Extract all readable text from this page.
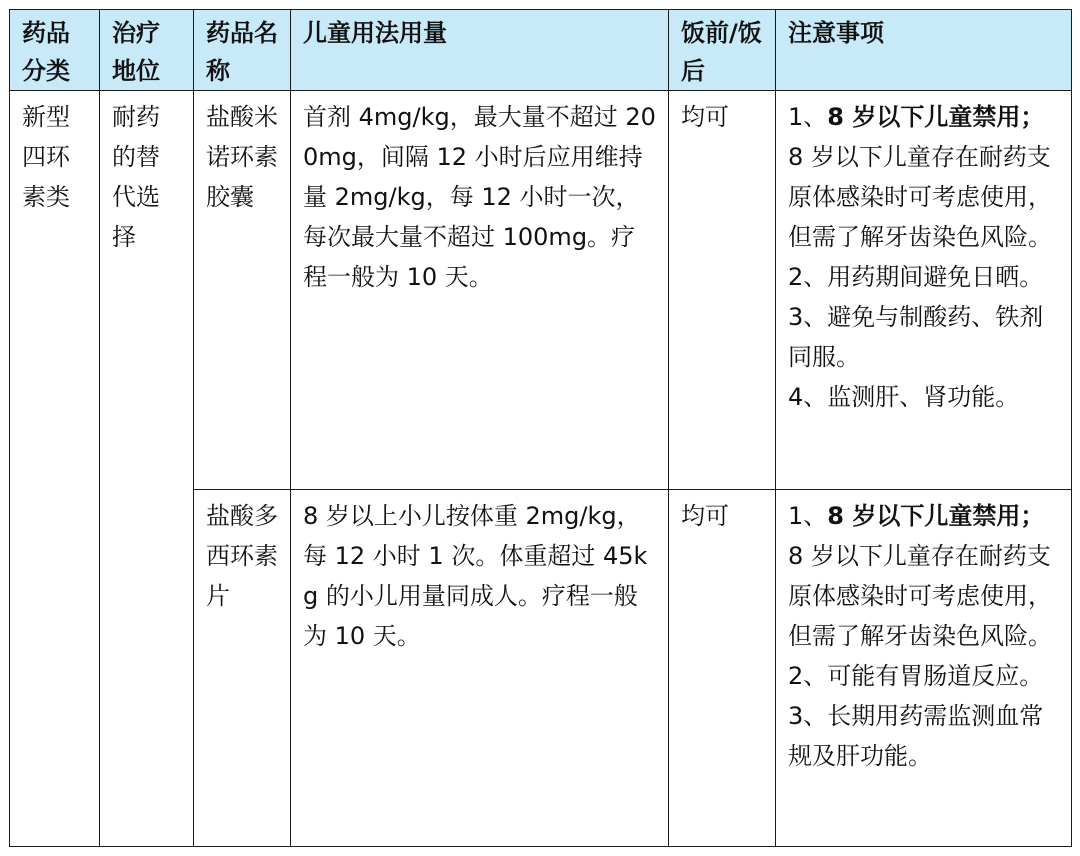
药品分类	治疗地位	药品名称	儿童用法用量	饭前/饭后	注意事项
新型四环素类	耐药的替代选择	盐酸米诺环素胶囊	首剂 4mg/kg，最大量不超过 200mg，间隔 12 小时后应用维持量 2mg/kg，每 12 小时一次，每次最大量不超过 100mg。疗程一般为 10 天。	均可	1、8 岁以下儿童禁用；
8 岁以下儿童存在耐药支原体感染时可考虑使用，但需了解牙齿染色风险。
2、用药期间避免日晒。
3、避免与制酸药、铁剂同服。
4、监测肝、肾功能。

		盐酸多西环素片	8 岁以上小儿按体重 2mg/kg，每 12 小时 1 次。体重超过 45kg 的小儿用量同成人。疗程一般为 10 天。	均可	1、8 岁以下儿童禁用；
8 岁以下儿童存在耐药支原体感染时可考虑使用，但需了解牙齿染色风险。
2、可能有胃肠道反应。
3、长期用药需监测血常规及肝功能。
